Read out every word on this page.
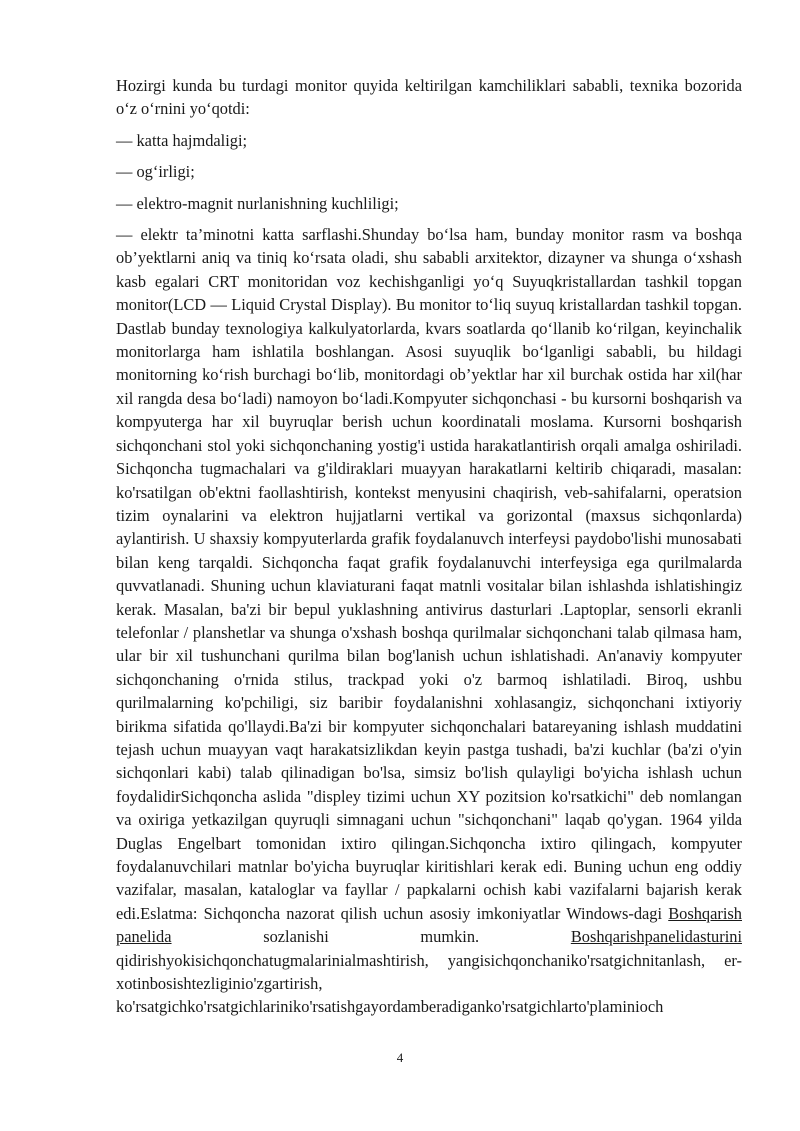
Hozirgi kunda bu turdagi monitor quyida keltirilgan kamchiliklari sababli, texnika bozorida o‘z o‘rnini yo‘qotdi:

— katta hajmdaligi;

— og‘irligi;

— elektro-magnit nurlanishning kuchliligi;

— elektr ta’minotni katta sarflashi.Shunday bo‘lsa ham, bunday monitor rasm va boshqa ob’yektlarni aniq va tiniq ko‘rsata oladi, shu sababli arxitektor, dizayner va shunga o‘xshash kasb egalari CRT monitoridan voz kechishganligi yo‘q Suyuqkristallardan tashkil topgan monitor(LCD — Liquid Crystal Display). Bu monitor to‘liq suyuq kristallardan tashkil topgan. Dastlab bunday texnologiya kalkulyatorlarda, kvars soatlarda qo‘llanib ko‘rilgan, keyinchalik monitorlarga ham ishlatila boshlangan. Asosi suyuqlik bo‘lganligi sababli, bu hildagi monitorning ko‘rish burchagi bo‘lib, monitordagi ob’yektlar har xil burchak ostida har xil(har xil rangda desa bo‘ladi) namoyon bo‘ladi.Kompyuter sichqonchasi - bu kursorni boshqarish va kompyuterga har xil buyruqlar berish uchun koordinatali moslama. Kursorni boshqarish sichqonchani stol yoki sichqonchaning yostig'i ustida harakatlantirish orqali amalga oshiriladi. Sichqoncha tugmachalari va g'ildiraklari muayyan harakatlarni keltirib chiqaradi, masalan: ko'rsatilgan ob'ektni faollashtirish, kontekst menyusini chaqirish, veb-sahifalarni, operatsion tizim oynalarini va elektron hujjatlarni vertikal va gorizontal (maxsus sichqonlarda) aylantirish. U shaxsiy kompyuterlarda grafik foydalanuvch interfeysi paydobo'lishi munosabati bilan keng tarqaldi. Sichqoncha faqat grafik foydalanuvchi interfeysiga ega qurilmalarda quvvatlanadi. Shuning uchun klaviaturani faqat matnli vositalar bilan ishlashda ishlatishingiz kerak. Masalan, ba'zi bir bepul yuklashning antivirus dasturlari .Laptoplar, sensorli ekranli telefonlar / planshetlar va shunga o'xshash boshqa qurilmalar sichqonchani talab qilmasa ham, ular bir xil tushunchani qurilma bilan bog'lanish uchun ishlatishadi. An'anaviy kompyuter sichqonchaning o'rnida stilus, trackpad yoki o'z barmoq ishlatiladi. Biroq, ushbu qurilmalarning ko'pchiligi, siz baribir foydalanishni xohlasangiz, sichqonchani ixtiyoriy birikma sifatida qo'llaydi.Ba'zi bir kompyuter sichqonchalari batareyaning ishlash muddatini tejash uchun muayyan vaqt harakatsizlikdan keyin pastga tushadi, ba'zi kuchlar (ba'zi o'yin sichqonlari kabi) talab qilinadigan bo'lsa, simsiz bo'lish qulayligi bo'yicha ishlash uchun foydalidirSichqoncha aslida "displey tizimi uchun XY pozitsion ko'rsatkichi" deb nomlangan va oxiriga yetkazilgan quyruqli simnagani uchun "sichqonchani" laqab qo'ygan. 1964 yilda Duglas Engelbart tomonidan ixtiro qilingan.Sichqoncha ixtiro qilingach, kompyuter foydalanuvchilari matnlar bo'yicha buyruqlar kiritishlari kerak edi. Buning uchun eng oddiy vazifalar, masalan, kataloglar va fayllar / papkalarni ochish kabi vazifalarni bajarish kerak edi.Eslatma: Sichqoncha nazorat qilish uchun asosiy imkoniyatlar Windows-dagi Boshqarish panelida sozlanishi mumkin. Boshqarishpanelidasturini qidirishyokisichqonchatugmalarinialmashtirish, yangisichqonchaniko'rsatgichnitanlash, er-xotinbosishtezliginio'zgartirish, ko'rsatgichko'rsatgichlariniko'rsatishgayordamberadiganko'rsatgichlarto'plaminioch

4
